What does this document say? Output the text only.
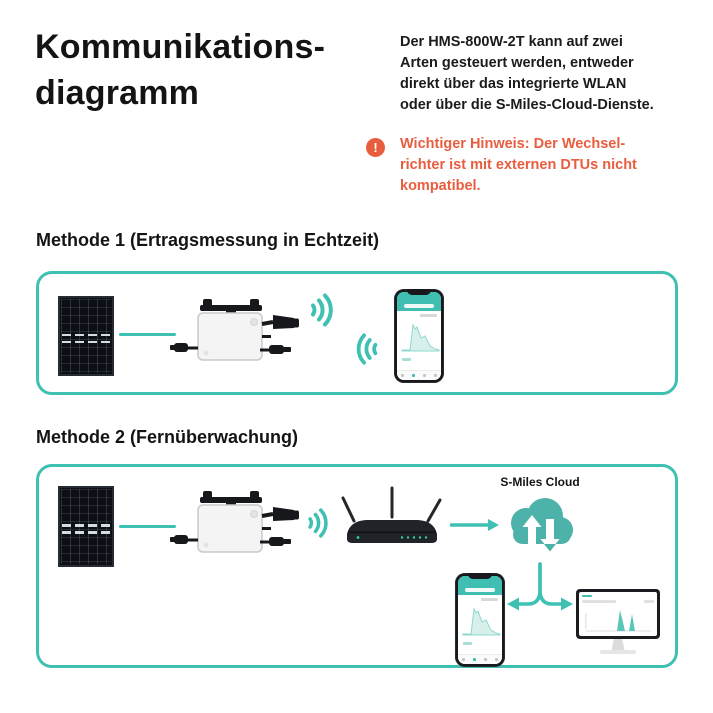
Kommunikations-
diagramm
Der HMS-800W-2T kann auf zwei
Arten gesteuert werden, entweder
direkt über das integrierte WLAN
oder über die S-Miles-Cloud-Dienste.
!	Wichtiger Hinweis: Der Wechsel-
richter ist mit externen DTUs nicht
kompatibel.
Methode 1 (Ertragsmessung in Echtzeit)
Methode 2 (Fernüberwachung)
S-Miles Cloud
